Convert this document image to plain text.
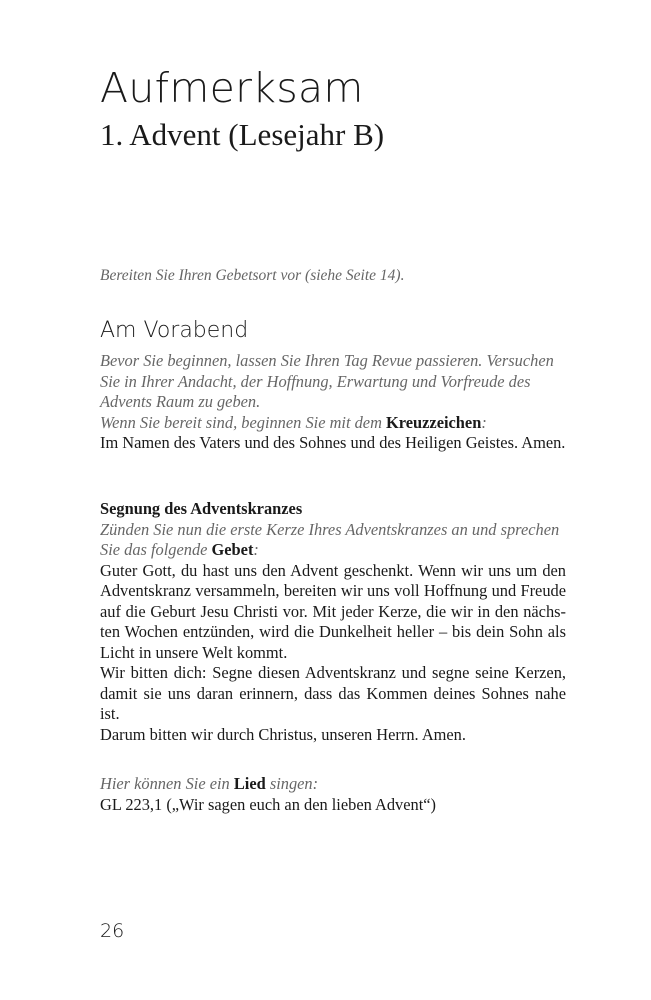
Aufmerksam
1. Advent (Lesejahr B)

Bereiten Sie Ihren Gebetsort vor (siehe Seite 14).

Am Vorabend

Bevor Sie beginnen, lassen Sie Ihren Tag Revue passieren. Versuchen Sie in Ihrer Andacht, der Hoffnung, Erwartung und Vorfreude des Advents Raum zu geben.

Wenn Sie bereit sind, beginnen Sie mit dem Kreuzzeichen:

Im Namen des Vaters und des Sohnes und des Heiligen Geistes. Amen.

Segnung des Adventskranzes

Zünden Sie nun die erste Kerze Ihres Adventskranzes an und sprechen Sie das folgende Gebet:

Guter Gott, du hast uns den Advent geschenkt. Wenn wir uns um den Adventskranz versammeln, bereiten wir uns voll Hoffnung und Freude auf die Geburt Jesu Christi vor. Mit jeder Kerze, die wir in den nächsten Wochen entzünden, wird die Dunkelheit heller – bis dein Sohn als Licht in unsere Welt kommt.

Wir bitten dich: Segne diesen Adventskranz und segne seine Kerzen, damit sie uns daran erinnern, dass das Kommen deines Sohnes nahe ist.

Darum bitten wir durch Christus, unseren Herrn. Amen.

Hier können Sie ein Lied singen:

GL 223,1 („Wir sagen euch an den lieben Advent“)

26
